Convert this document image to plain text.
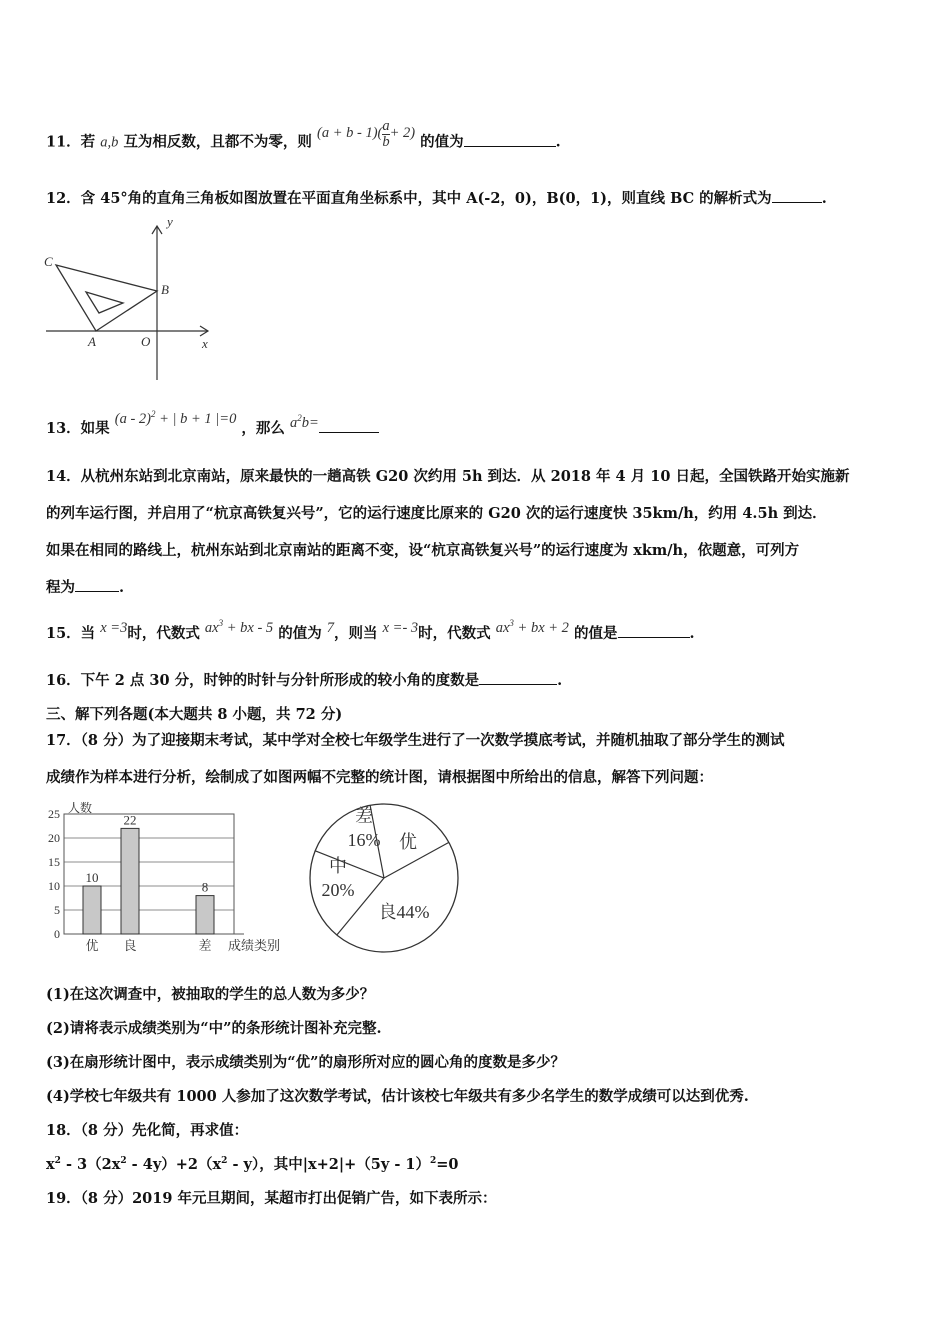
11．若 a,b 互为相反数，且都不为零，则 $(a + b - 1)( \frac{a}{b} + 2)$ 的值为	.
12．含 45°角的直角三角板如图放置在平面直角坐标系中，其中 A(-2，0)，B(0，1)，则直线 BC 的解析式为	.
y
x
C
B
A	O
13．如果 (a - 2)$^2$ + | b + 1 |=0 ，那么 $a^2b=$
14．从杭州东站到北京南站，原来最快的一趟高铁 G20 次约用 5h 到达．从 2018 年 4 月 10 日起，全国铁路开始实施新
的列车运行图，并启用了“杭京高铁复兴号”，它的运行速度比原来的 G20 次的运行速度快 35km/h，约用 4.5h 到达．
如果在相同的路线上，杭州东站到北京南站的距离不变，设“杭京高铁复兴号”的运行速度为 xkm/h，依题意，可列方
程为	.
15．当 x =3时，代数式 $ax^3$ + bx - 5 的值为 7，则当 x =- 3时，代数式 $ax^3$ + bx + 2 的值是	.
16．下午 2 点 30 分，时钟的时针与分针所形成的较小角的度数是	.
三、解下列各题(本大题共 8 小题，共 72 分)
17．（8 分）为了迎接期末考试，某中学对全校七年级学生进行了一次数学摸底考试，并随机抽取了部分学生的测试
成绩作为样本进行分析，绘制成了如图两幅不完整的统计图，请根据图中所给出的信息，解答下列问题：
0
5
10
15
20
25 人数
10
优
22
良
8
差 成绩类别
差
16%
中
20%
良44%
优
(1)在这次调查中，被抽取的学生的总人数为多少？
(2)请将表示成绩类别为“中”的条形统计图补充完整.
(3)在扇形统计图中，表示成绩类别为“优”的扇形所对应的圆心角的度数是多少？
(4)学校七年级共有 1000 人参加了这次数学考试，估计该校七年级共有多少名学生的数学成绩可以达到优秀.
18．（8 分）先化简，再求值：
$x^2 - 3(2x^2 - 4y)+2(x^2 - y)$，其中|x+2|+（5y - 1）$^2$=0
19．（8 分）2019 年元旦期间，某超市打出促销广告，如下表所示：
